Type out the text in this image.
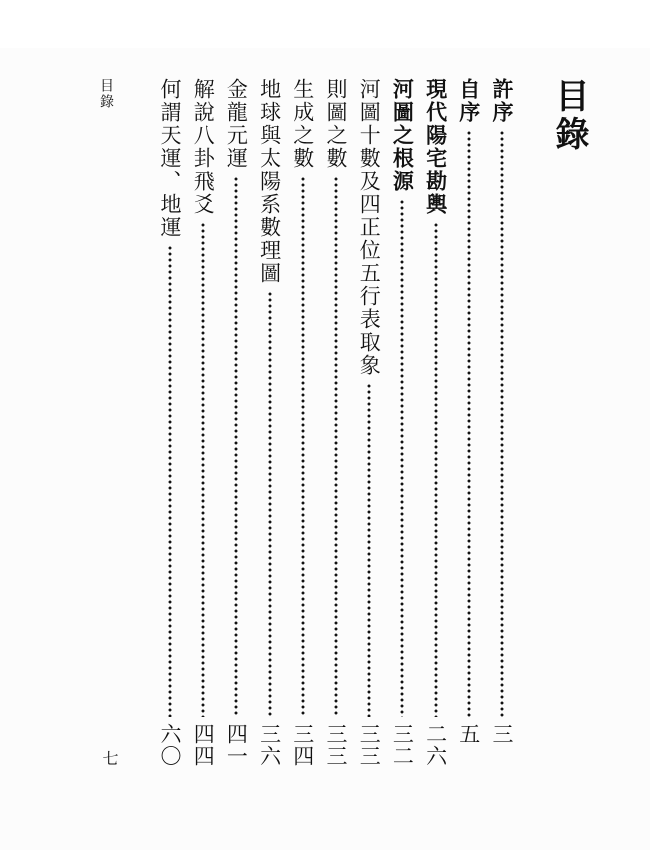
目錄
七
目錄
許序
三
自序
五
現代陽宅勘輿
二六
河圖之根源
三二
河圖十數及四正位五行表取象
三三
則圖之數
三三
生成之數
三四
地球與太陽系數理圖
三六
金龍元運
四一
解說八卦飛爻
四四
何謂天運、地運
六〇
